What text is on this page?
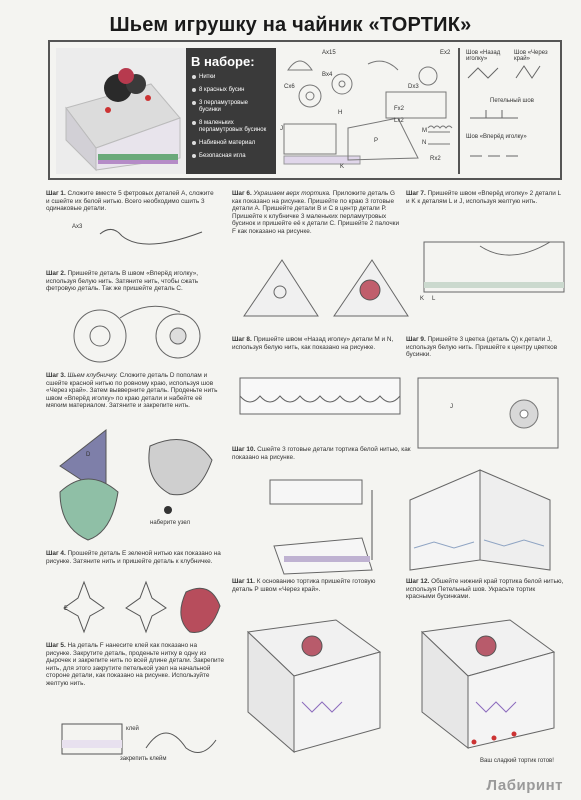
Шьем игрушку на чайник «ТОРТИК»
В наборе:
Нитки
8 красных бусин
3 перламутровые бусинки
8 маленьких перламутровых бусинок
Набивной материал
Безопасная игла
Ах15
Bx4
Cx6	Dx3
Ex2
Fx2
Lx2
H
J
K
M
N
P
Rx2
Шов «Назад иголку»
Шов «Через край»
Петельный шов
Шов «Вперёд иголку»
Шаг 1. Сложите вместе 5 фетровых деталей А, сложите и сшейте их белой нитью. Всего необходимо сшить 3 одинаковые детали.
Ах3
Шаг 2. Пришейте деталь В швом «Вперёд иголку», используя белую нить. Затяните нить, чтобы сжать фетровую деталь. Так же пришейте деталь С.
Шаг 3. Шьем клубничку. Сложите деталь D пополам и сшейте красной нитью по ровному краю, используя шов «Через край». Затем вывверните деталь. Проденьте нить швом «Вперёд иголку» по краю детали и набейте её мягким материалом. Затяните и закрепите нить.
D
наберите узел
Шаг 4. Прошейте деталь Е зеленой нитью как показано на рисунке. Затяните нить и пришейте деталь к клубничке.
E
Шаг 5. На деталь F нанесите клей как показано на рисунке. Закрутите деталь, проденьте нитку в одну из дырочек и закрепите нить по всей длине детали. Закрепите нить, для этого закрутите петелькой узел на начальной стороне детали, как показано на рисунке. Используйте желтую нить.
клей
закрепить клейм
Шаг 6. Украшаем верх тортика. Приложите деталь G как показано на рисунке. Пришейте по краю 3 готовые детали А. Пришейте детали В и С в центр детали Р. Пришейте к клубничке 3 маленьких перламутровых бусинок и пришейте её к детали С. Пришейте 2 палочки F как показано на рисунке.
Шаг 8. Пришейте швом «Назад иголку» детали M и N, используя белую нить, как показано на рисунке.
Шаг 10. Сшейте 3 готовые детали тортика белой нитью, как показано на рисунке.
Шаг 11. К основанию тортика пришейте готовую деталь Р швом «Через край».
Шаг 7. Пришейте швом «Вперёд иголку» 2 детали L и K к деталям L и J, используя желтую нить.
K L
Шаг 9. Пришейте 3 цветка (деталь Q) к детали J, используя белую нить. Пришейте к центру цветков бусинки.
J
Шаг 12. Обшейте нижний край тортика белой нитью, используя Петельный шов. Украсьте тортик красными бусинками.
Ваш сладкий тортик готов!
Лабиринт
